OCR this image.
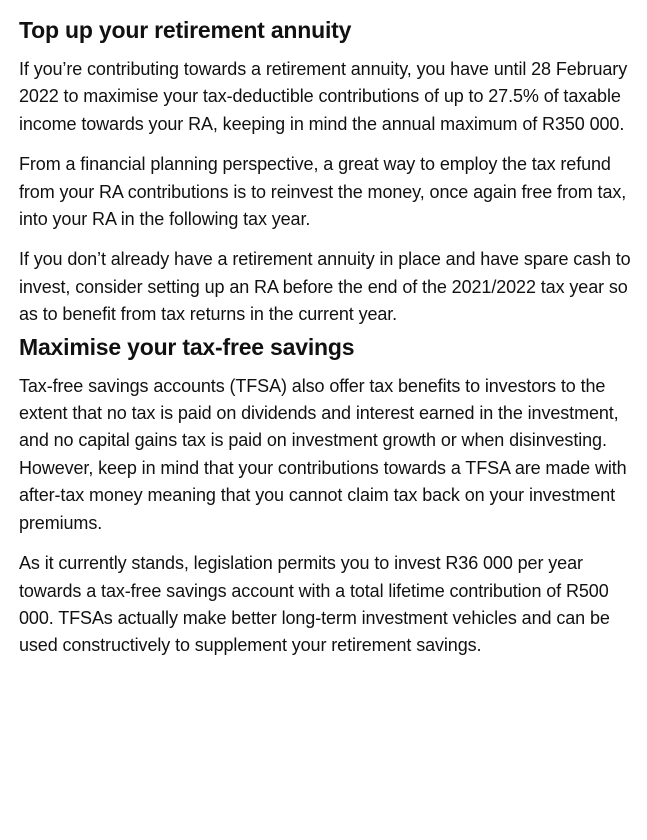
Top up your retirement annuity

If you’re contributing towards a retirement annuity, you have until 28 February 2022 to maximise your tax-deductible contributions of up to 27.5% of taxable income towards your RA, keeping in mind the annual maximum of R350 000.

From a financial planning perspective, a great way to employ the tax refund from your RA contributions is to reinvest the money, once again free from tax, into your RA in the following tax year.

If you don’t already have a retirement annuity in place and have spare cash to invest, consider setting up an RA before the end of the 2021/2022 tax year so as to benefit from tax returns in the current year.

Maximise your tax-free savings

Tax-free savings accounts (TFSA) also offer tax benefits to investors to the extent that no tax is paid on dividends and interest earned in the investment, and no capital gains tax is paid on investment growth or when disinvesting. However, keep in mind that your contributions towards a TFSA are made with after-tax money meaning that you cannot claim tax back on your investment premiums.

As it currently stands, legislation permits you to invest R36 000 per year towards a tax-free savings account with a total lifetime contribution of R500 000. TFSAs actually make better long-term investment vehicles and can be used constructively to supplement your retirement savings.
